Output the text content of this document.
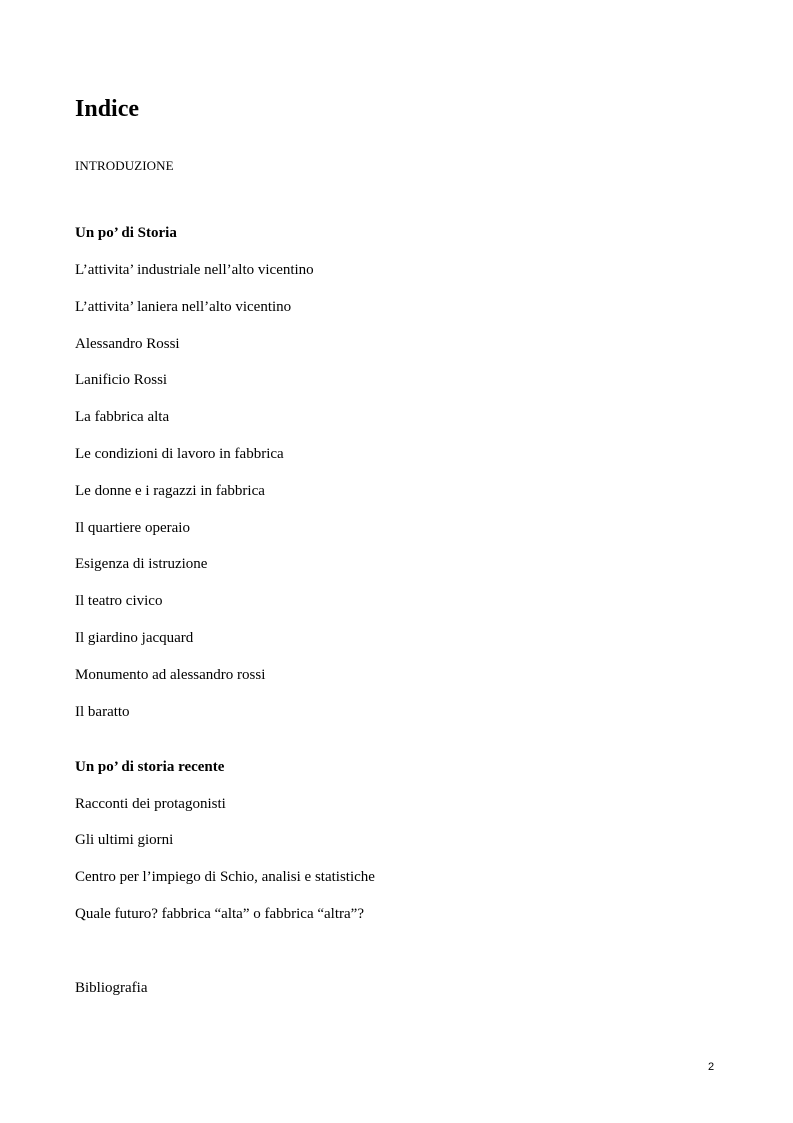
Indice
INTRODUZIONE
Un po’ di Storia
L’attivita’ industriale nell’alto vicentino
L’attivita’ laniera nell’alto vicentino
Alessandro Rossi
Lanificio Rossi
La fabbrica alta
Le condizioni di lavoro in fabbrica
Le donne e i ragazzi in fabbrica
Il quartiere operaio
Esigenza di istruzione
Il teatro civico
Il giardino jacquard
Monumento ad alessandro rossi
Il baratto
Un po’ di storia recente
Racconti dei protagonisti
Gli ultimi giorni
Centro per l’impiego di Schio, analisi e statistiche
Quale futuro? fabbrica “alta” o fabbrica “altra”?
Bibliografia
2
